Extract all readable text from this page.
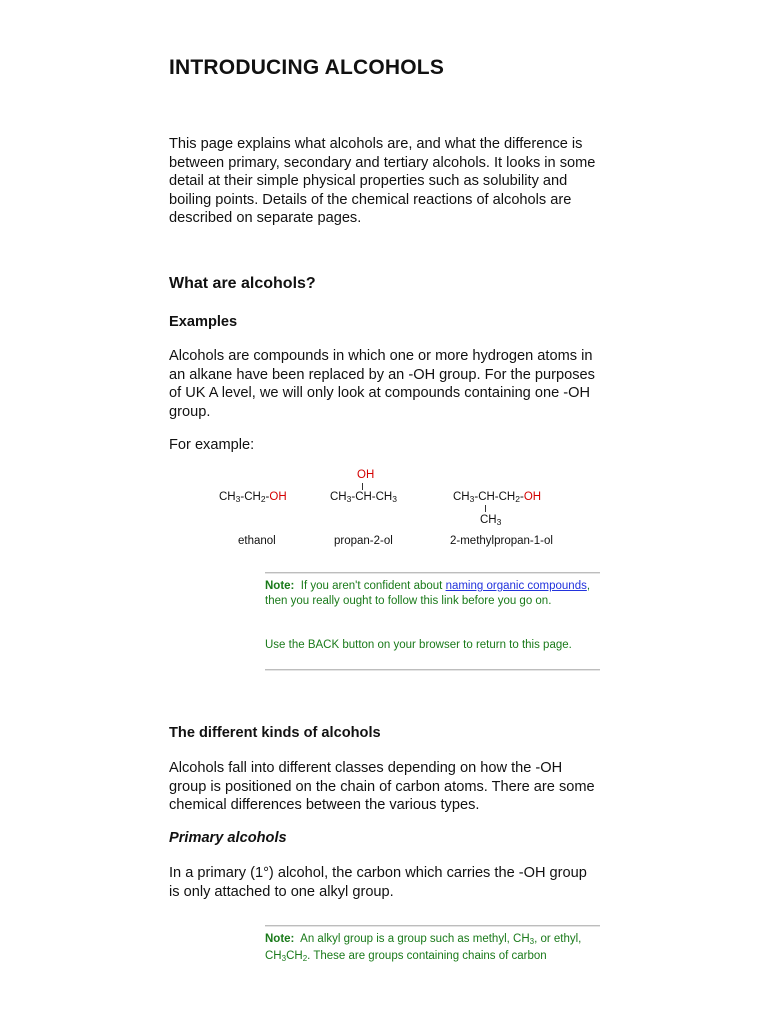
INTRODUCING ALCOHOLS

This page explains what alcohols are, and what the difference is between primary, secondary and tertiary alcohols. It looks in some detail at their simple physical properties such as solubility and boiling points. Details of the chemical reactions of alcohols are described on separate pages.

What are alcohols?
Examples

Alcohols are compounds in which one or more hydrogen atoms in an alkane have been replaced by an -OH group. For the purposes of UK A level, we will only look at compounds containing one -OH group.

For example:

$CH_3-CH_2-OH$
ethanol
OH
$CH_3-CH-CH_3$
propan-2-ol
$CH_3-CH-CH_2-OH$
$CH_3$
2-methylpropan-1-ol
Note: If you aren't confident about naming organic compounds, then you really ought to follow this link before you go on.
Use the BACK button on your browser to return to this page.
The different kinds of alcohols

Alcohols fall into different classes depending on how the -OH group is positioned on the chain of carbon atoms. There are some chemical differences between the various types.

Primary alcohols

In a primary (1°) alcohol, the carbon which carries the -OH group is only attached to one alkyl group.

Note: An alkyl group is a group such as methyl, $CH_3$, or ethyl, $CH_3CH_2$. These are groups containing chains of carbon
